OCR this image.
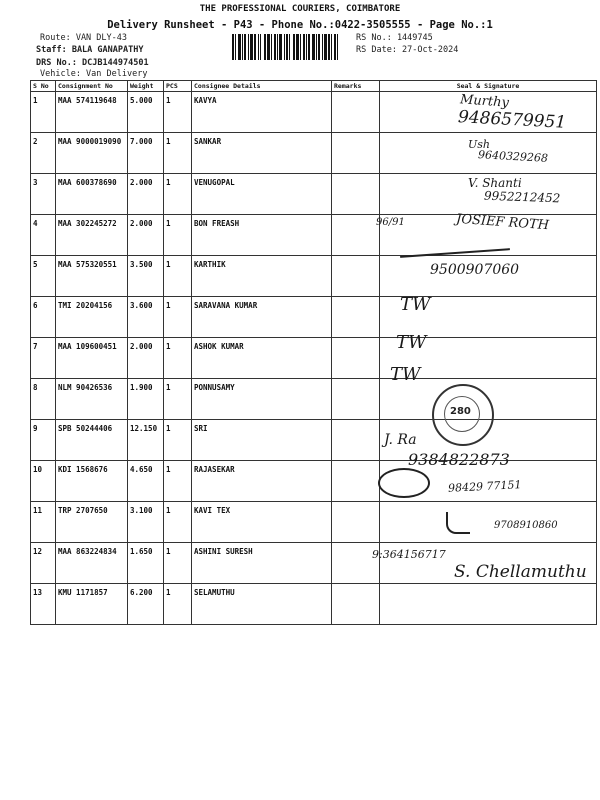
THE PROFESSIONAL COURIERS, COIMBATORE
Delivery Runsheet - P43 - Phone No.:0422-3505555 - Page No.:1
Route: VAN DLY-43
Staff: BALA GANAPATHY
DRS No.: DCJB144974501
Vehicle: Van Delivery
RS No.: 1449745
RS Date: 27-Oct-2024
S No	Consignment No	Weight	PCS	Consignee Details	Remarks	Seal & Signature
1	MAA 574119648	5.000	1	KAVYA		
2	MAA 9000019090	7.000	1	SANKAR		
3	MAA 600378690	2.000	1	VENUGOPAL		
4	MAA 302245272	2.000	1	BON FREASH		
5	MAA 575320551	3.500	1	KARTHIK		
6	TMI 20204156	3.600	1	SARAVANA KUMAR		
7	MAA 109600451	2.000	1	ASHOK KUMAR		
8	NLM 90426536	1.900	1	PONNUSAMY		
9	SPB 50244406	12.150	1	SRI		
10	KDI 1568676	4.650	1	RAJASEKAR		
11	TRP 2707650	3.100	1	KAVI TEX		
12	MAA 863224834	1.650	1	ASHINI SURESH		
13	KMU 1171857	6.200	1	SELAMUTHU		
Murthy
9486579951
Ush
9640329268
V. Shanti
9952212452
96/91	JOSIEF ROTH
9500907060
TW
TW
TW
280
J. Ra
9384822873
98429 77151
9708910860
9:364156717
S. Chellamuthu
